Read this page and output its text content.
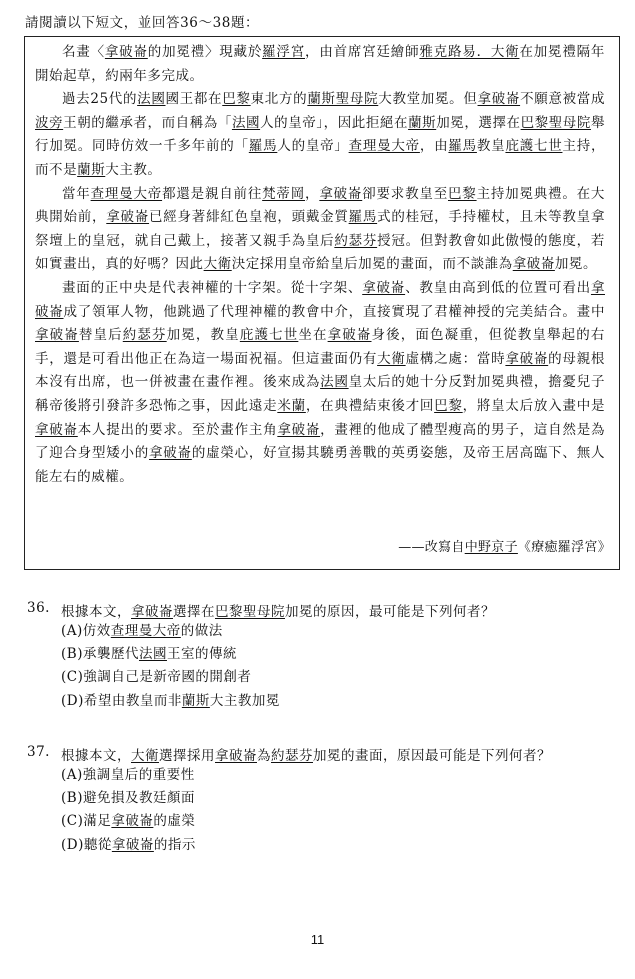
請閱讀以下短文，並回答36～38題：

名畫〈拿破崙的加冕禮〉現藏於羅浮宮，由首席宮廷繪師雅克路易．大衛在加冕禮隔年開始起草，約兩年多完成。

過去25代的法國國王都在巴黎東北方的蘭斯聖母院大教堂加冕。但拿破崙不願意被當成波旁王朝的繼承者，而自稱為「法國人的皇帝」，因此拒絕在蘭斯加冕，選擇在巴黎聖母院舉行加冕。同時仿效一千多年前的「羅馬人的皇帝」查理曼大帝，由羅馬教皇庇護七世主持，而不是蘭斯大主教。

當年查理曼大帝都還是親自前往梵蒂岡，拿破崙卻要求教皇至巴黎主持加冕典禮。在大典開始前，拿破崙已經身著緋紅色皇袍，頭戴金質羅馬式的桂冠，手持權杖，且未等教皇拿祭壇上的皇冠，就自己戴上，接著又親手為皇后約瑟芬授冠。但對教會如此傲慢的態度，若如實畫出，真的好嗎？因此大衛決定採用皇帝給皇后加冕的畫面，而不談誰為拿破崙加冕。

畫面的正中央是代表神權的十字架。從十字架、拿破崙、教皇由高到低的位置可看出拿破崙成了領軍人物，他跳過了代理神權的教會中介，直接實現了君權神授的完美結合。畫中拿破崙替皇后約瑟芬加冕，教皇庇護七世坐在拿破崙身後，面色凝重，但從教皇舉起的右手，還是可看出他正在為這一場面祝福。但這畫面仍有大衛虛構之處：當時拿破崙的母親根本沒有出席，也一併被畫在畫作裡。後來成為法國皇太后的她十分反對加冕典禮，擔憂兒子稱帝後將引發許多恐怖之事，因此遠走米蘭，在典禮結束後才回巴黎，將皇太后放入畫中是拿破崙本人提出的要求。至於畫作主角拿破崙，畫裡的他成了體型瘦高的男子，這自然是為了迎合身型矮小的拿破崙的虛榮心，好宣揚其驍勇善戰的英勇姿態，及帝王居高臨下、無人能左右的威權。

——改寫自中野京子《療癒羅浮宮》
36. 根據本文，拿破崙選擇在巴黎聖母院加冕的原因，最可能是下列何者？
(A)仿效查理曼大帝的做法
(B)承襲歷代法國王室的傳統
(C)強調自己是新帝國的開創者
(D)希望由教皇而非蘭斯大主教加冕
37. 根據本文，大衛選擇採用拿破崙為約瑟芬加冕的畫面，原因最可能是下列何者？
(A)強調皇后的重要性
(B)避免損及教廷顏面
(C)滿足拿破崙的虛榮
(D)聽從拿破崙的指示
11
